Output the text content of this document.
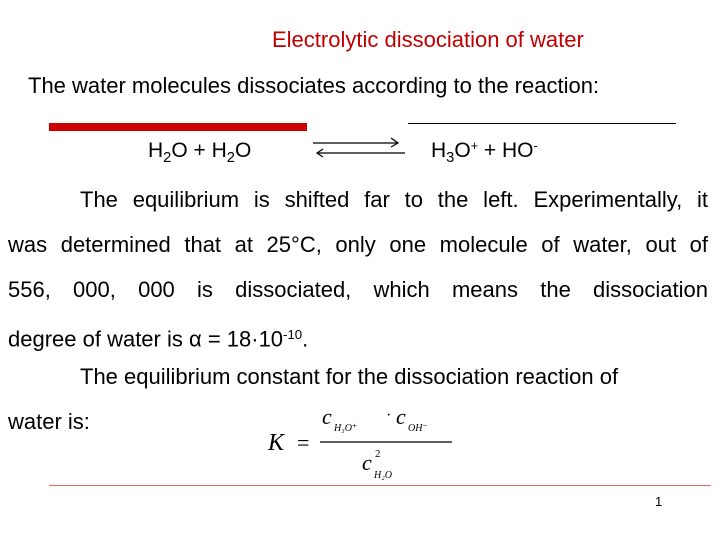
Electrolytic dissociation of water
The water molecules dissociates according to the reaction:
$H_2O + H_2O$	$H_3O^+ + HO^-$
The equilibrium is shifted far to the left. Experimentally, it
was determined that at 25°C, only one molecule of water, out of
556, 000, 000 is dissociated, which means the dissociation
degree of water is $\alpha = 18\cdot 10^{-10}$.
The equilibrium constant for the dissociation reaction of
water is:
K =
c H₃O⁺
· c OH⁻
c 2
H₂O
1
